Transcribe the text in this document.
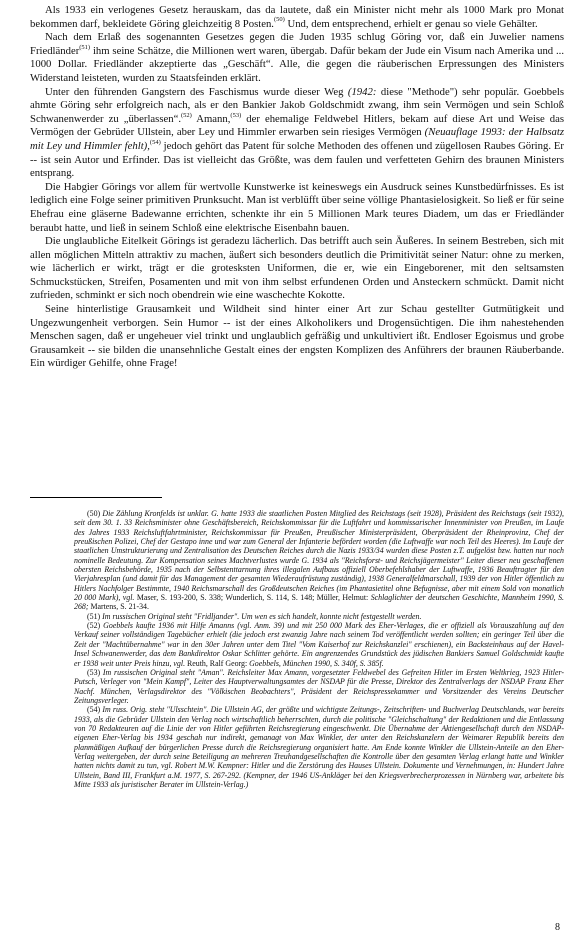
Als 1933 ein verlogenes Gesetz herauskam, das da lautete, daß ein Minister nicht mehr als 1000 Mark pro Monat bekommen darf, bekleidete Göring gleichzeitig 8 Posten.$^{(50)}$ Und, dem entsprechend, erhielt er genau so viele Gehälter.

Nach dem Erlaß des sogenannten Gesetzes gegen die Juden 1935 schlug Göring vor, daß ein Juwelier namens Friedländer$^{(51)}$ ihm seine Schätze, die Millionen wert waren, übergab. Dafür bekam der Jude ein Visum nach Amerika und ... 1000 Dollar. Friedländer akzeptierte das „Geschäft“. Alle, die gegen die räuberischen Erpressungen des Ministers Widerstand leisteten, wurden zu Staatsfeinden erklärt.

Unter den führenden Gangstern des Faschismus wurde dieser Weg (1942: diese "Methode") sehr populär. Goebbels ahmte Göring sehr erfolgreich nach, als er den Bankier Jakob Goldschmidt zwang, ihm sein Vermögen und sein Schloß Schwanenwerder zu „überlassen“.$^{(52)}$ Amann,$^{(53)}$ der ehemalige Feldwebel Hitlers, bekam auf diese Art und Weise das Vermögen der Gebrüder Ullstein, aber Ley und Himmler erwarben sein riesiges Vermögen (Neuauflage 1993: der Halbsatz mit Ley und Himmler fehlt),$^{(54)}$ jedoch gehört das Patent für solche Methoden des offenen und zügellosen Raubes Göring. Er -- ist sein Autor und Erfinder. Das ist vielleicht das Größte, was dem faulen und verfetteten Gehirn des braunen Ministers entsprang.

Die Habgier Görings vor allem für wertvolle Kunstwerke ist keineswegs ein Ausdruck seines Kunstbedürfnisses. Es ist lediglich eine Folge seiner primitiven Prunksucht. Man ist verblüfft über seine völlige Phantasielosigkeit. So ließ er für seine Ehefrau eine gläserne Badewanne errichten, schenkte ihr ein 5 Millionen Mark teures Diadem, um das er Friedländer beraubt hatte, und ließ in seinem Schloß eine elektrische Eisenbahn bauen.

Die unglaubliche Eitelkeit Görings ist geradezu lächerlich. Das betrifft auch sein Äußeres. In seinem Bestreben, sich mit allen möglichen Mitteln attraktiv zu machen, äußert sich besonders deutlich die Primitivität seiner Natur: ohne zu merken, wie lächerlich er wirkt, trägt er die grotesksten Uniformen, die er, wie ein Eingeborener, mit den seltsamsten Schmuckstücken, Streifen, Posamenten und mit von ihm selbst erfundenen Orden und Ansteckern schmückt. Damit nicht zufrieden, schminkt er sich noch obendrein wie eine waschechte Kokotte.

Seine hinterlistige Grausamkeit und Wildheit sind hinter einer Art zur Schau gestellter Gutmütigkeit und Ungezwungenheit verborgen. Sein Humor -- ist der eines Alkoholikers und Drogensüchtigen. Die ihm nahestehenden Menschen sagen, daß er ungeheuer viel trinkt und unglaublich gefräßig und unkultiviert ißt. Endloser Egoismus und grobe Grausamkeit -- sie bilden die unansehnliche Gestalt eines der engsten Komplizen des Anführers der braunen Räuberbande. Ein würdiger Gehilfe, ohne Frage!

(50) Die Zählung Kronfelds ist unklar. G. hatte 1933 die staatlichen Posten Mitglied des Reichstags (seit 1928), Präsident des Reichstags (seit 1932), seit dem 30. 1. 33 Reichsminister ohne Geschäftsbereich, Reichskommissar für die Luftfahrt und kommissarischer Innenminister von Preußen, im Laufe des Jahres 1933 Reichsluftfahrtminister, Reichskommissar für Preußen, Preußischer Ministerpräsident, Oberpräsident der Rheinprovinz, Chef der preußischen Polizei, Chef der Gestapo inne und war zum General der Infanterie befördert worden (die Luftwaffe war noch Teil des Heeres). Im Laufe der staatlichen Umstrukturierung und Zentralisation des Deutschen Reiches durch die Nazis 1933/34 wurden diese Posten z.T. aufgelöst bzw. hatten nur noch nominelle Bedeutung. Zur Kompensation seines Machtverlustes wurde G. 1934 als "Reichsforst- und Reichsjägermeister" Leiter dieser neu geschaffenen obersten Reichsbehörde, 1935 nach der Selbstenttarnung ihres illegalen Aufbaus offiziell Oberbefehlshaber der Luftwaffe, 1936 Beauftragter für den Vierjahresplan (und damit für das Management der gesamten Wiederaufrüstung zuständig), 1938 Generalfeldmarschall, 1939 der von Hitler öffentlich zu Hitlers Nachfolger Bestimmte, 1940 Reichsmarschall des Großdeutschen Reiches (im Phantasietitel ohne Befugnisse, aber mit einem Sold von monatlich 20 000 Mark), vgl. Maser, S. 193-200, S. 338; Wunderlich, S. 114, S. 148; Müller, Helmut: Schlaglichter der deutschen Geschichte, Mannheim 1990, S. 268; Martens, S. 21-34.

(51) Im russischen Original steht "Fridljander". Um wen es sich handelt, konnte nicht festgestellt werden.

(52) Goebbels kaufte 1936 mit Hilfe Amanns (vgl. Anm. 39) und mit 250 000 Mark des Eher-Verlages, die er offiziell als Vorauszahlung auf den Verkauf seiner vollständigen Tagebücher erhielt (die jedoch erst zwanzig Jahre nach seinem Tod veröffentlicht werden sollten; ein geringer Teil über die Zeit der "Machtübernahme" war in den 30er Jahren unter dem Titel "Vom Kaiserhof zur Reichskanzlei" erschienen), ein Backsteinhaus auf der Havel-Insel Schwanenwerder, das dem Bankdirektor Oskar Schlitter gehörte. Ein angrenzendes Grundstück des jüdischen Bankiers Samuel Goldschmidt kaufte er 1938 weit unter Preis hinzu, vgl. Reuth, Ralf Georg: Goebbels, München 1990, S. 340f, S. 385f.

(53) Im russischen Original steht "Aman". Reichsleiter Max Amann, vorgesetzter Feldwebel des Gefreiten Hitler im Ersten Weltkrieg, 1923 Hitler-Putsch, Verleger von "Mein Kampf", Leiter des Hauptverwaltungsamtes der NSDAP für die Presse, Direktor des Zentralverlags der NSDAP Franz Eher Nachf. München, Verlagsdirektor des "Völkischen Beobachters", Präsident der Reichspressekammer und Vorsitzender des Vereins Deutscher Zeitungsverleger.

(54) Im russ. Orig. steht "Ulsschtein". Die Ullstein AG, der größte und wichtigste Zeitungs-, Zeitschriften- und Buchverlag Deutschlands, war bereits 1933, als die Gebrüder Ullstein den Verlag noch wirtschaftlich beherrschten, durch die politische "Gleichschaltung" der Redaktionen und die Entlassung von 70 Redakteuren auf die Linie der von Hitler geführten Reichsregierung eingeschwenkt. Die Übernahme der Aktiengesellschaft durch den NSDAP-eigenen Eher-Verlag bis 1934 geschah nur indirekt, gemanagt von Max Winkler, der unter den Reichskanzlern der Weimarer Republik bereits den planmäßigen Aufkauf der bürgerlichen Presse durch die Reichsregierung organisiert hatte. Am Ende konnte Winkler die Ullstein-Anteile an den Eher-Verlag weitergeben, der durch seine Beteiligung an mehreren Treuhandgesellschaften die Kontrolle über den gesamten Verlag erlangt hatte und Winkler hatten nichts damit zu tun, vgl. Robert M.W. Kempner: Hitler und die Zerstörung des Hauses Ullstein. Dokumente und Vernehmungen, in: Hundert Jahre Ullstein, Band III, Frankfurt a.M. 1977, S. 267-292. (Kempner, der 1946 US-Ankläger bei den Kriegsverbrecherprozessen in Nürnberg war, arbeitete bis Mitte 1933 als juristischer Berater im Ullstein-Verlag.)

8
